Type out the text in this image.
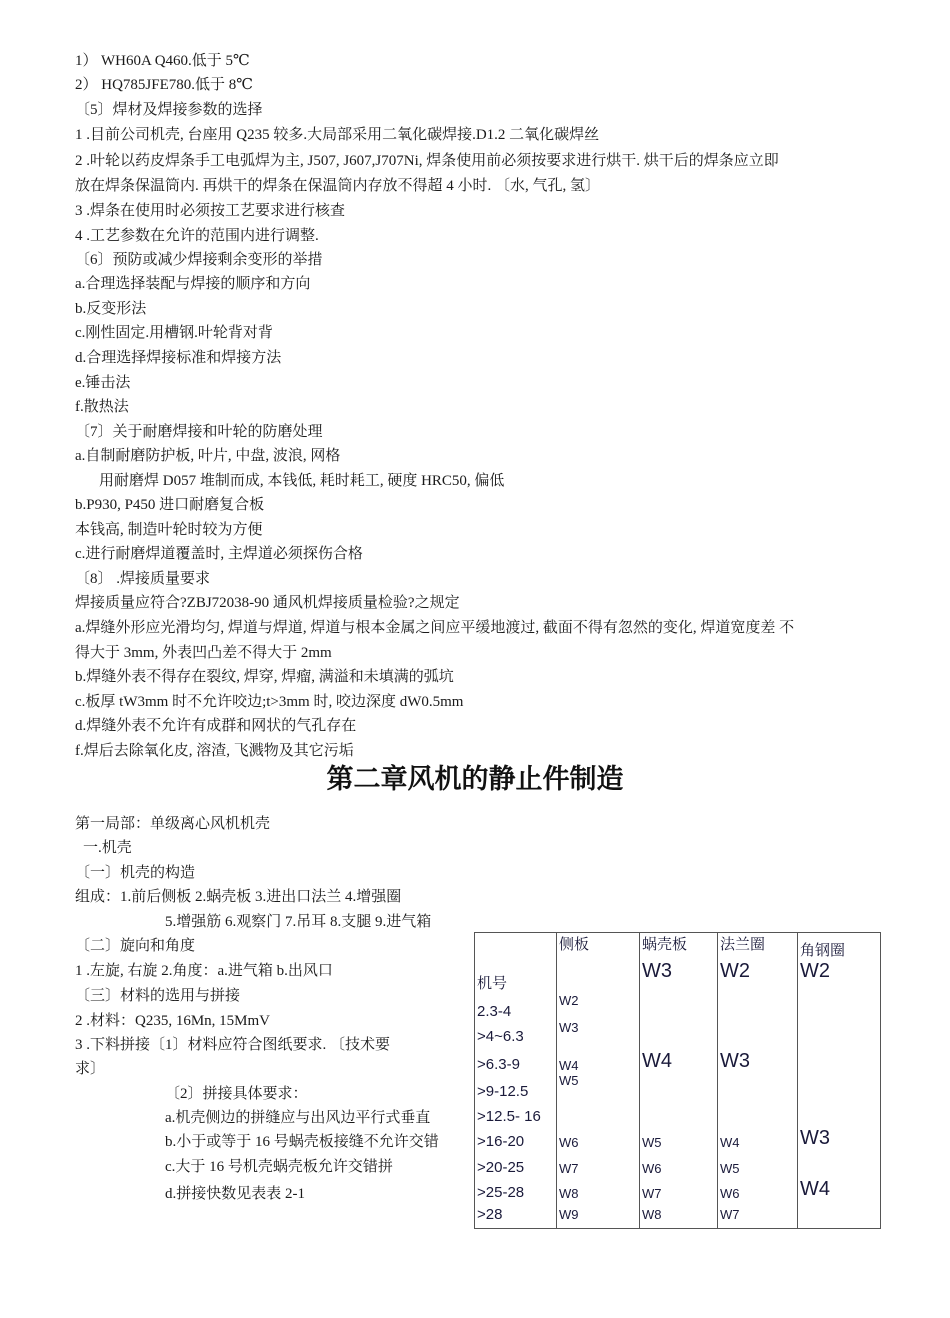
1） WH60A Q460.低于 5℃
2） HQ785JFE780.低于 8℃
〔5〕焊材及焊接参数的选择
1 .目前公司机壳, 台座用 Q235 较多.大局部采用二氧化碳焊接.D1.2 二氧化碳焊丝
2 .叶轮以药皮焊条手工电弧焊为主, J507, J607,J707Ni, 焊条使用前必须按要求进行烘干. 烘干后的焊条应立即
放在焊条保温筒内. 再烘干的焊条在保温筒内存放不得超 4 小时. 〔水, 气孔, 氢〕
3 .焊条在使用时必须按工艺要求进行核查
4 .工艺参数在允许的范围内进行调整.
〔6〕预防或减少焊接剩余变形的举措
a.合理选择装配与焊接的顺序和方向
b.反变形法
c.刚性固定.用槽钢.叶轮背对背
d.合理选择焊接标准和焊接方法
e.锤击法
f.散热法
〔7〕关于耐磨焊接和叶轮的防磨处理
a.自制耐磨防护板, 叶片, 中盘, 波浪, 网格
用耐磨焊 D057 堆制而成, 本钱低, 耗时耗工, 硬度 HRC50, 偏低
b.P930, P450 进口耐磨复合板
本钱高, 制造叶轮时较为方便
c.进行耐磨焊道覆盖时, 主焊道必须探伤合格
〔8〕 .焊接质量要求
焊接质量应符合?ZBJ72038-90 通风机焊接质量检验?之规定
a.焊缝外形应光滑均匀, 焊道与焊道, 焊道与根本金属之间应平缓地渡过, 截面不得有忽然的变化, 焊道宽度差 不
得大于 3mm, 外表凹凸差不得大于 2mm
b.焊缝外表不得存在裂纹, 焊穿, 焊瘤, 满溢和未填满的弧坑
c.板厚 tW3mm 时不允许咬边;t>3mm 时, 咬边深度 dW0.5mm
d.焊缝外表不允许有成群和网状的气孔存在
f.焊后去除氧化皮, 溶渣, 飞溅物及其它污垢
第二章风机的静止件制造
第一局部：单级离心风机机壳
一.机壳
〔一〕机壳的构造
组成：1.前后侧板 2.蜗壳板 3.进出口法兰 4.增强圈
5.增强筋 6.观察门 7.吊耳 8.支腿 9.进气箱
〔二〕旋向和角度
1 .左旋, 右旋 2.角度：a.进气箱 b.出风口
〔三〕材料的选用与拼接
2 .材料：Q235, 16Mn, 15MmV
3 .下料拼接〔1〕材料应符合图纸要求. 〔技术要
求〕
〔2〕拼接具体要求：
a.机壳侧边的拼缝应与出风边平行式垂直
b.小于或等于 16 号蜗壳板接缝不允许交错
c.大于 16 号机壳蜗壳板允许交错拼
d.拼接快数见表表 2-1
	侧板	蜗壳板	法兰圈	角钢圈
机号		W3	W2	W2
2.3-4	W2			
>4~6.3	W3			
>6.3-9	W4	W4	W3	
>9-12.5	W5			
>12.5- 16				
>16-20	W6	W5	W4	W3
>20-25	W7	W6	W5	
>25-28	W8	W7	W6	W4
>28	W9	W8	W7	
